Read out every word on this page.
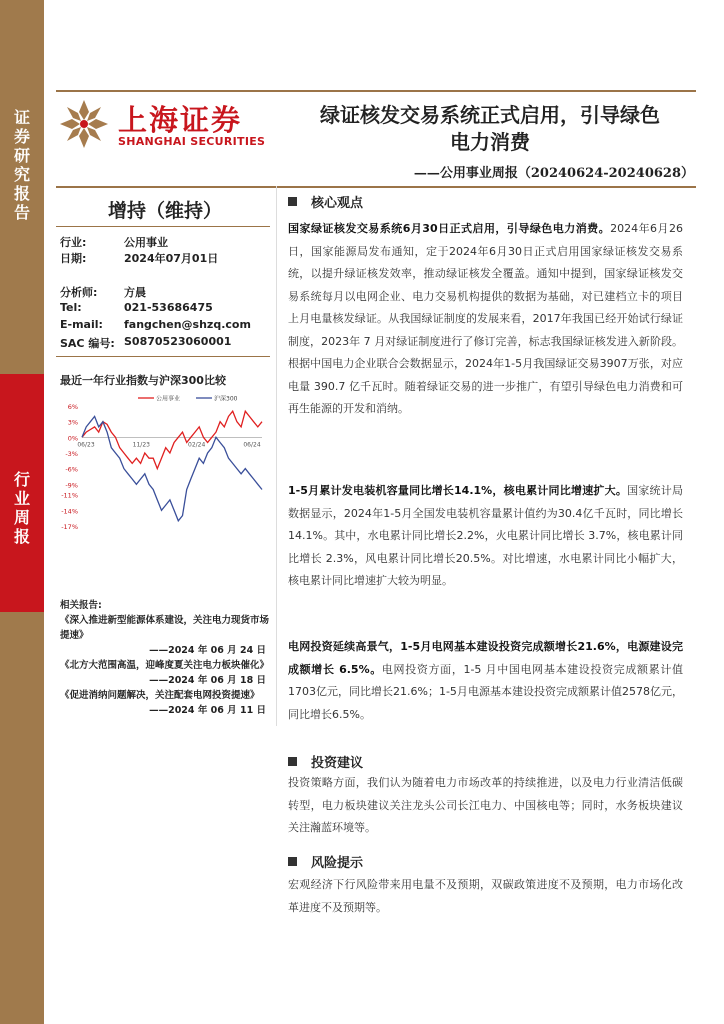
证
券
研
究
报
告
行
业
周
报
上海证券
SHANGHAI SECURITIES
绿证核发交易系统正式启用，引导绿色
电力消费
——公用事业周报（20240624-20240628）
增持（维持）
行业:	公用事业
日期:	2024年07月01日
分析师: 方晨
Tel:	021-53686475
E-mail: fangchen@shzq.com
SAC 编号: S0870523060001
最近一年行业指数与沪深300比较
6%
3%
0%
-3%
-6%
-9%
-11%
-14%
-17%
06/23	11/23	02/24	06/24
公用事业	沪深300
相关报告:
《深入推进新型能源体系建设，关注电力现货市场提速》
——2024 年 06 月 24 日
《北方大范围高温，迎峰度夏关注电力板块催化》
——2024 年 06 月 18 日
《促进消纳问题解决，关注配套电网投资提速》
——2024 年 06 月 11 日
核心观点
国家绿证核发交易系统6月30日正式启用，引导绿色电力消费。2024年6月26日，国家能源局发布通知，定于2024年6月30日正式启用国家绿证核发交易系统，以提升绿证核发效率，推动绿证核发全覆盖。通知中提到，国家绿证核发交易系统每月以电网企业、电力交易机构提供的数据为基础，对已建档立卡的项目上月电量核发绿证。从我国绿证制度的发展来看，2017年我国已经开始试行绿证制度，2023年 7 月对绿证制度进行了修订完善，标志我国绿证核发进入新阶段。根据中国电力企业联合会数据显示，2024年1-5月我国绿证交易3907万张，对应电量 390.7 亿千瓦时。随着绿证交易的进一步推广，有望引导绿色电力消费和可再生能源的开发和消纳。
1-5月累计发电装机容量同比增长14.1%，核电累计同比增速扩大。国家统计局数据显示，2024年1-5月全国发电装机容量累计值约为30.4亿千瓦时，同比增长14.1%。其中，水电累计同比增长2.2%，火电累计同比增长 3.7%，核电累计同比增长 2.3%，风电累计同比增长20.5%。对比增速，水电累计同比小幅扩大，核电累计同比增速扩大较为明显。
电网投资延续高景气，1-5月电网基本建设投资完成额增长21.6%，电源建设完成额增长 6.5%。电网投资方面，1-5 月中国电网基本建设投资完成额累计值1703亿元，同比增长21.6%；1-5月电源基本建设投资完成额累计值2578亿元，同比增长6.5%。
投资建议
投资策略方面，我们认为随着电力市场改革的持续推进，以及电力行业清洁低碳转型，电力板块建议关注龙头公司长江电力、中国核电等；同时，水务板块建议关注瀚蓝环境等。
风险提示
宏观经济下行风险带来用电量不及预期，双碳政策进度不及预期，电力市场化改革进度不及预期等。
